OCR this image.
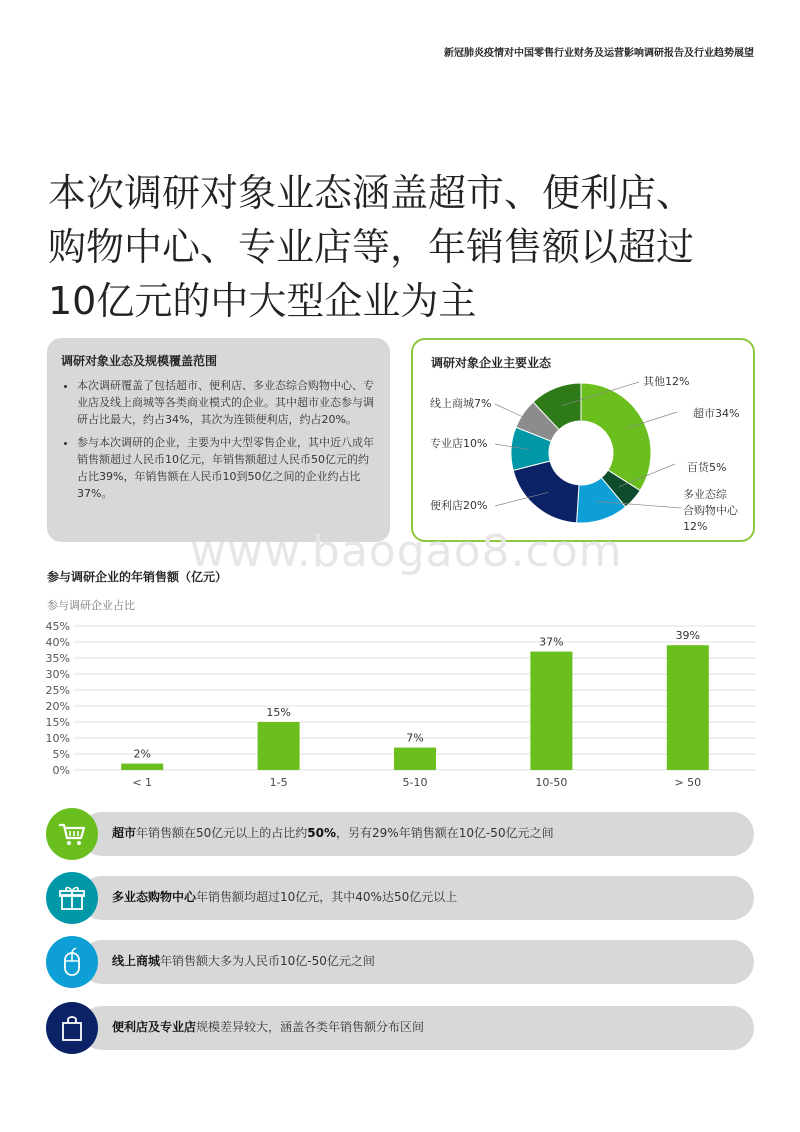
新冠肺炎疫情对中国零售行业财务及运营影响调研报告及行业趋势展望
本次调研对象业态涵盖超市、便利店、
购物中心、专业店等，年销售额以超过
10亿元的中大型企业为主
调研对象业态及规模覆盖范围
• 本次调研覆盖了包括超市、便利店、多业态综合购物中心、专业店及线上商城等各类商业模式的企业。其中超市业态参与调研占比最大，约占34%，其次为连锁便利店，约占20%。
• 参与本次调研的企业，主要为中大型零售企业，其中近八成年销售额超过人民币10亿元，年销售额超过人民币50亿元的约占比39%，年销售额在人民币10到50亿之间的企业约占比37%。
调研对象企业主要业态
其他12%
超市34%
百货5%
多业态综
合购物中心
12%
便利店20%
专业店10%
线上商城7%
www.baogao8.com
参与调研企业的年销售额（亿元）
参与调研企业占比
0%
5%
10%
15%
20%
25%
30%
35%
40%
45%
2%
< 1
15%
1-5
7%
5-10
37%
10-50
39%
> 50
超市年销售额在50亿元以上的占比约50%，另有29%年销售额在10亿-50亿元之间
多业态购物中心年销售额均超过10亿元，其中40%达50亿元以上
线上商城年销售额大多为人民币10亿-50亿元之间
便利店及专业店规模差异较大，涵盖各类年销售额分布区间
